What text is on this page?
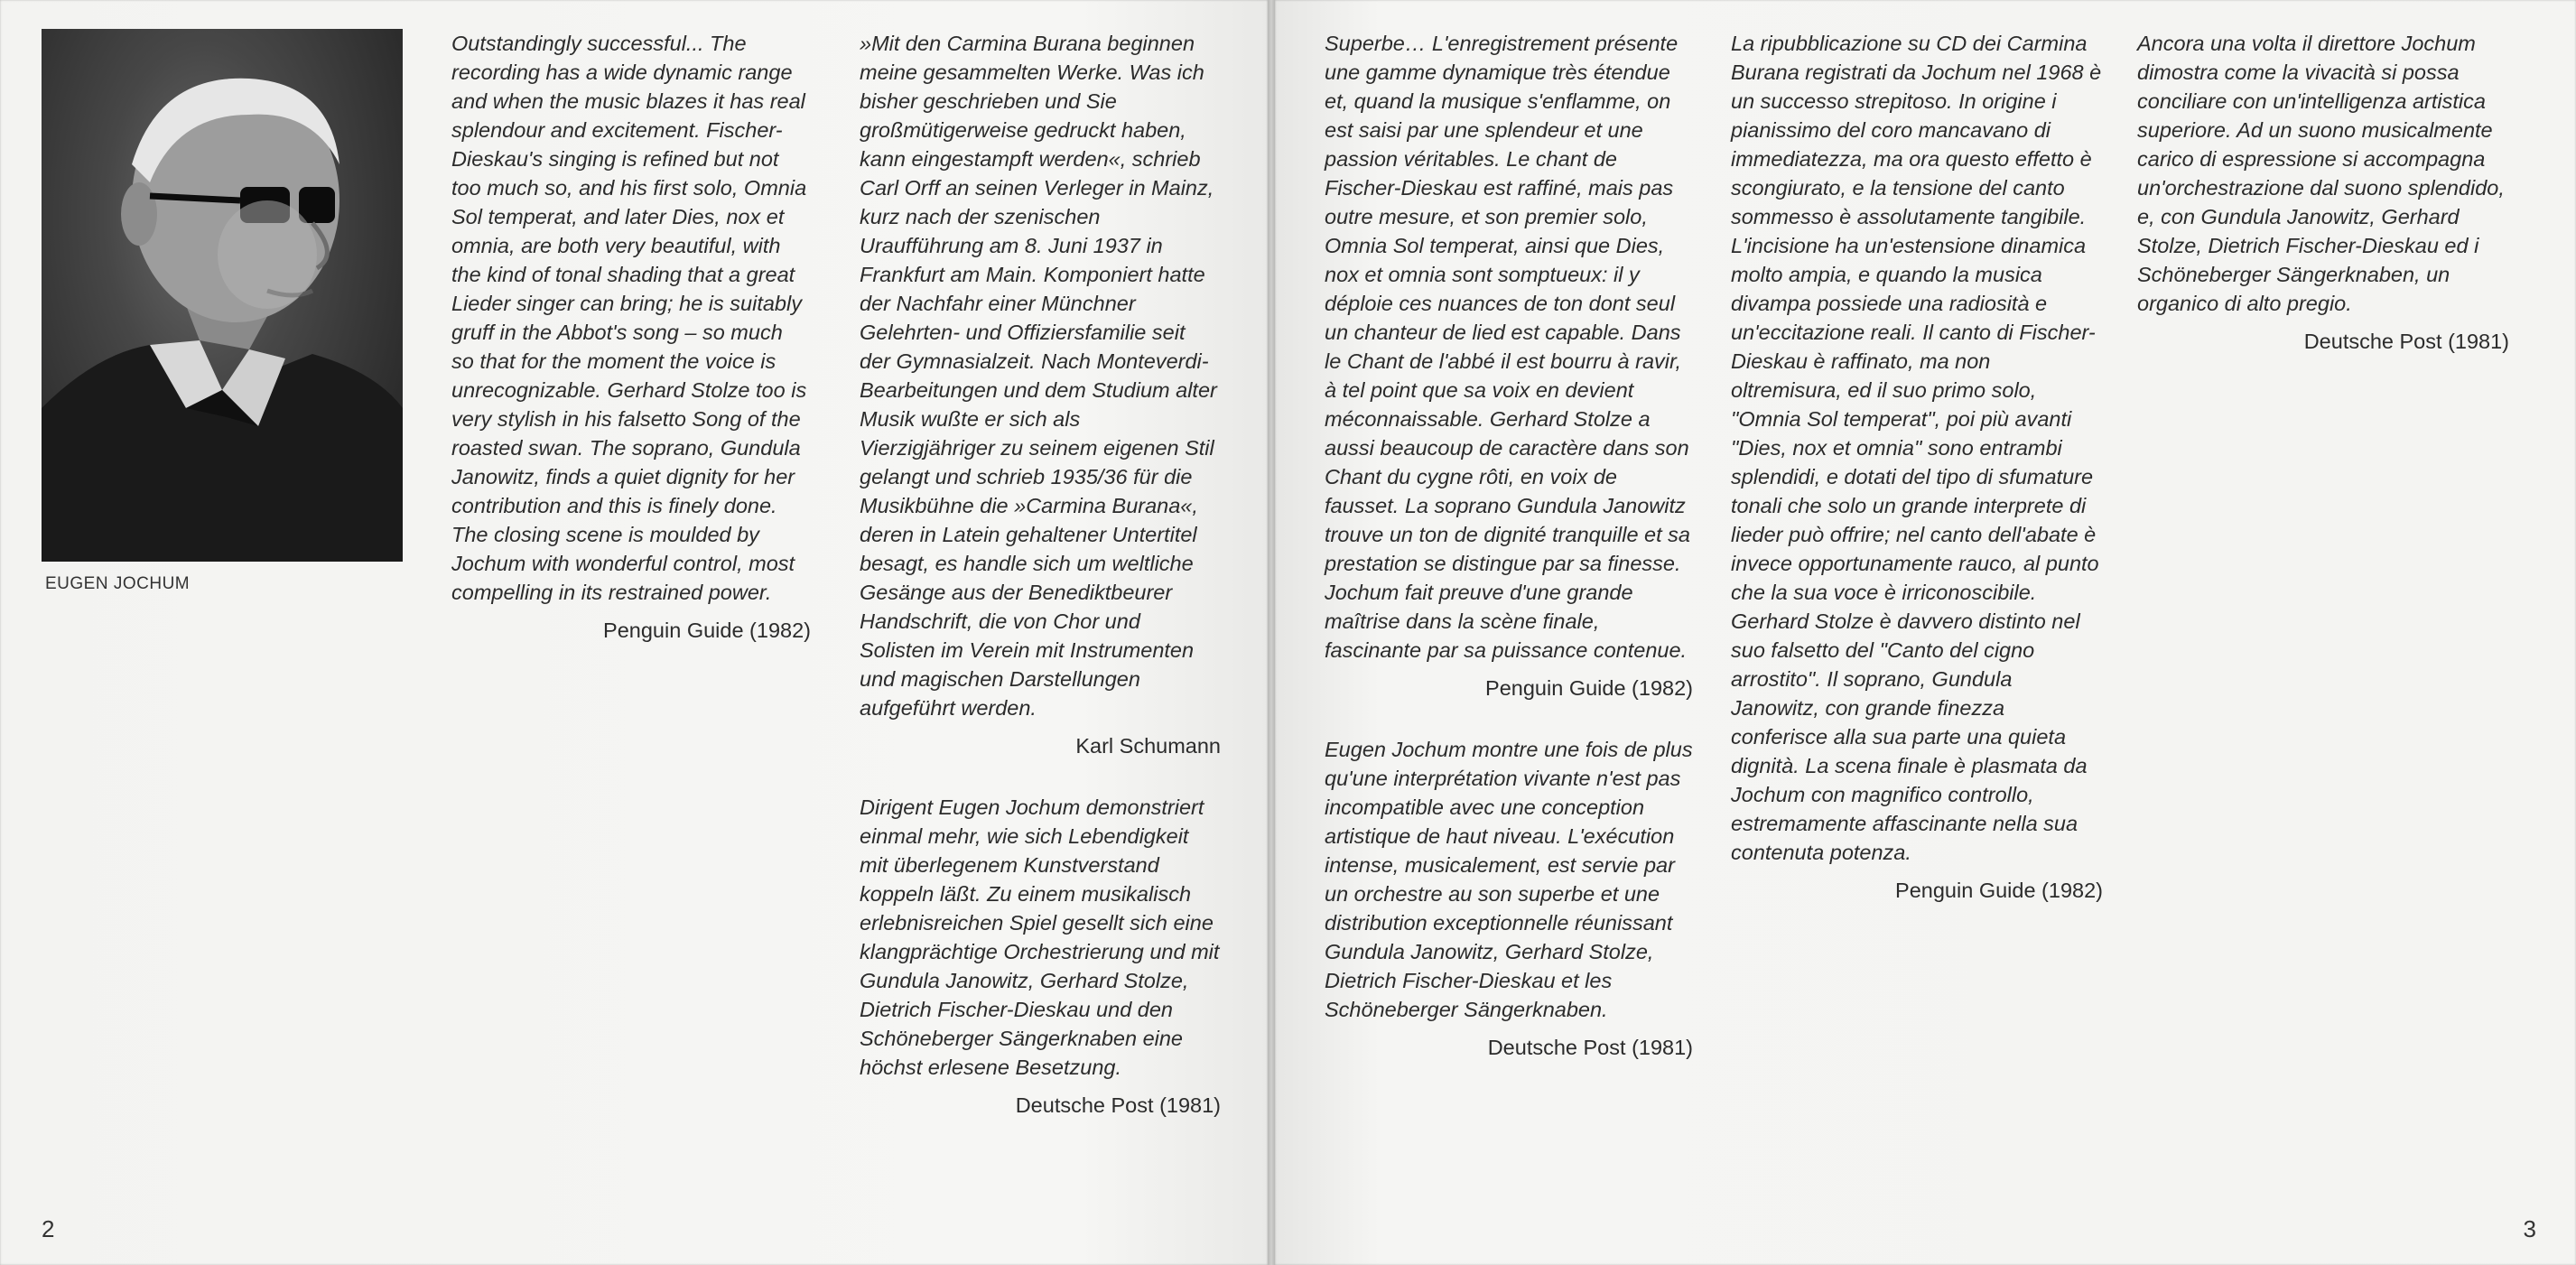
EUGEN JOCHUM

Outstandingly successful... The recording has a wide dynamic range and when the music blazes it has real splendour and excitement. Fischer-Dieskau's singing is refined but not too much so, and his first solo, Omnia Sol temperat, and later Dies, nox et omnia, are both very beautiful, with the kind of tonal shading that a great Lieder singer can bring; he is suitably gruff in the Abbot's song – so much so that for the moment the voice is unrecognizable. Gerhard Stolze too is very stylish in his falsetto Song of the roasted swan. The soprano, Gundula Janowitz, finds a quiet dignity for her contribution and this is finely done. The closing scene is moulded by Jochum with wonderful control, most compelling in its restrained power.

Penguin Guide (1982)

»Mit den Carmina Burana beginnen meine gesammelten Werke. Was ich bisher geschrieben und Sie großmütigerweise gedruckt haben, kann eingestampft werden«, schrieb Carl Orff an seinen Verleger in Mainz, kurz nach der szenischen Uraufführung am 8. Juni 1937 in Frankfurt am Main. Komponiert hatte der Nachfahr einer Münchner Gelehrten- und Offiziersfamilie seit der Gymnasialzeit. Nach Monteverdi-Bearbeitungen und dem Studium alter Musik wußte er sich als Vierzigjähriger zu seinem eigenen Stil gelangt und schrieb 1935/36 für die Musikbühne die »Carmina Burana«, deren in Latein gehaltener Untertitel besagt, es handle sich um weltliche Gesänge aus der Benediktbeurer Handschrift, die von Chor und Solisten im Verein mit Instrumenten und magischen Darstellungen aufgeführt werden.

Karl Schumann

Dirigent Eugen Jochum demonstriert einmal mehr, wie sich Lebendigkeit mit überlegenem Kunstverstand koppeln läßt. Zu einem musikalisch erlebnisreichen Spiel gesellt sich eine klangprächtige Orchestrierung und mit Gundula Janowitz, Gerhard Stolze, Dietrich Fischer-Dieskau und den Schöneberger Sängerknaben eine höchst erlesene Besetzung.

Deutsche Post (1981)

2

Superbe… L'enregistrement présente une gamme dynamique très étendue et, quand la musique s'enflamme, on est saisi par une splendeur et une passion véritables. Le chant de Fischer-Dieskau est raffiné, mais pas outre mesure, et son premier solo, Omnia Sol temperat, ainsi que Dies, nox et omnia sont somptueux: il y déploie ces nuances de ton dont seul un chanteur de lied est capable. Dans le Chant de l'abbé il est bourru à ravir, à tel point que sa voix en devient méconnaissable. Gerhard Stolze a aussi beaucoup de caractère dans son Chant du cygne rôti, en voix de fausset. La soprano Gundula Janowitz trouve un ton de dignité tranquille et sa prestation se distingue par sa finesse. Jochum fait preuve d'une grande maîtrise dans la scène finale, fascinante par sa puissance contenue.

Penguin Guide (1982)

Eugen Jochum montre une fois de plus qu'une interprétation vivante n'est pas incompatible avec une conception artistique de haut niveau. L'exécution intense, musicalement, est servie par un orchestre au son superbe et une distribution exceptionnelle réunissant Gundula Janowitz, Gerhard Stolze, Dietrich Fischer-Dieskau et les Schöneberger Sängerknaben.

Deutsche Post (1981)

La ripubblicazione su CD dei Carmina Burana registrati da Jochum nel 1968 è un successo strepitoso. In origine i pianissimo del coro mancavano di immediatezza, ma ora questo effetto è scongiurato, e la tensione del canto sommesso è assolutamente tangibile. L'incisione ha un'estensione dinamica molto ampia, e quando la musica divampa possiede una radiosità e un'eccitazione reali. Il canto di Fischer-Dieskau è raffinato, ma non oltremisura, ed il suo primo solo, "Omnia Sol temperat", poi più avanti "Dies, nox et omnia" sono entrambi splendidi, e dotati del tipo di sfumature tonali che solo un grande interprete di lieder può offrire; nel canto dell'abate è invece opportunamente rauco, al punto che la sua voce è irriconoscibile. Gerhard Stolze è davvero distinto nel suo falsetto del "Canto del cigno arrostito". Il soprano, Gundula Janowitz, con grande finezza conferisce alla sua parte una quieta dignità. La scena finale è plasmata da Jochum con magnifico controllo, estremamente affascinante nella sua contenuta potenza.

Penguin Guide (1982)

Ancora una volta il direttore Jochum dimostra come la vivacità si possa conciliare con un'intelligenza artistica superiore. Ad un suono musicalmente carico di espressione si accompagna un'orchestrazione dal suono splendido, e, con Gundula Janowitz, Gerhard Stolze, Dietrich Fischer-Dieskau ed i Schöneberger Sängerknaben, un organico di alto pregio.

Deutsche Post (1981)

3
